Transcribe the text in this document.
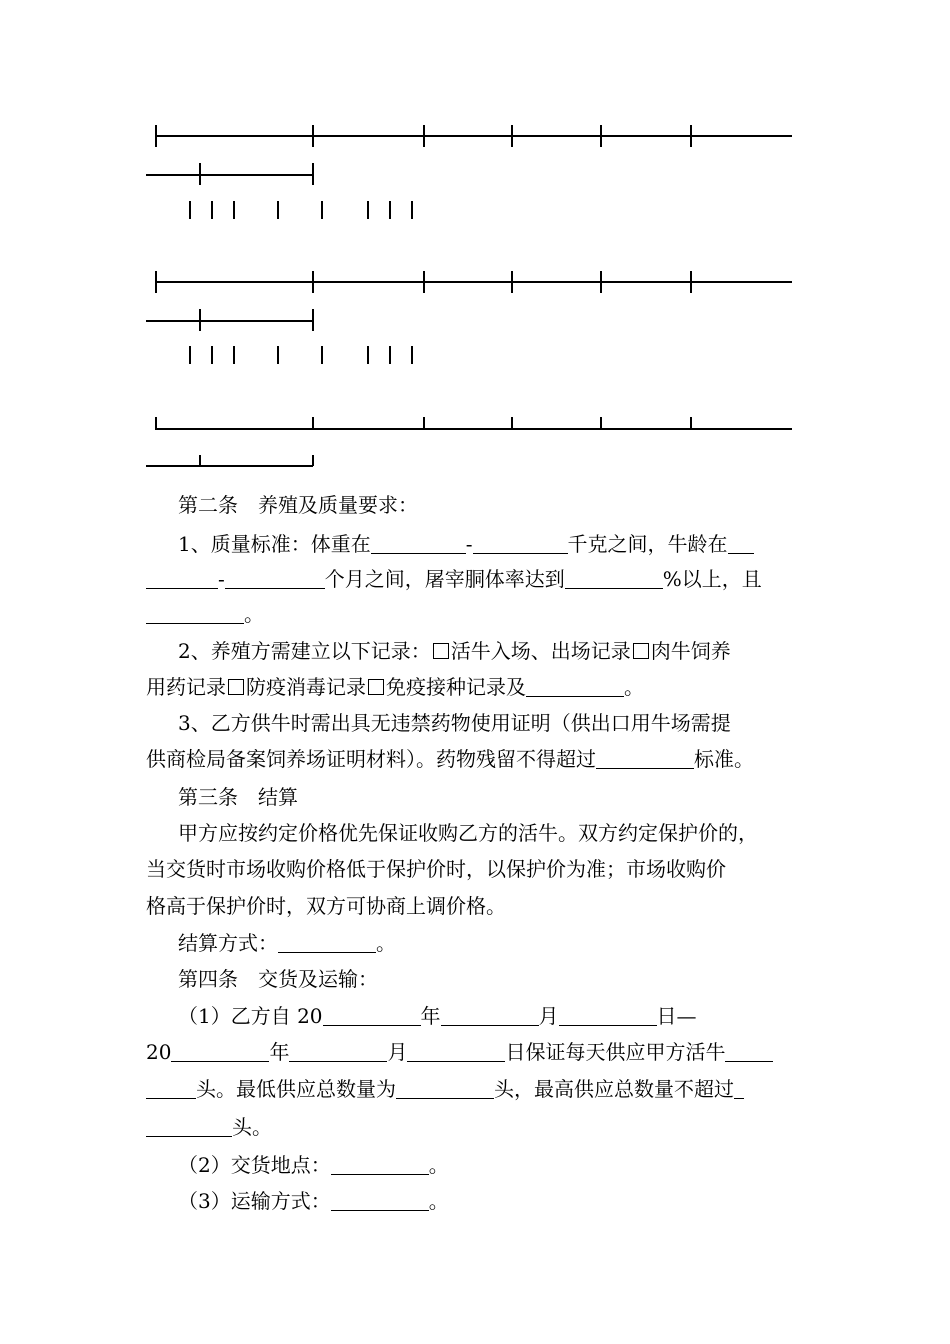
第二条　养殖及质量要求：
1、质量标准：体重在	-	千克之间，牛龄在
-	个月之间，屠宰胴体率达到	%以上，且
。
2、养殖方需建立以下记录： 活牛入场、出场记录 肉牛饲养
用药记录 防疫消毒记录 免疫接种记录及	。
3、乙方供牛时需出具无违禁药物使用证明（供出口用牛场需提
供商检局备案饲养场证明材料）。药物残留不得超过	标准。
第三条　结算
甲方应按约定价格优先保证收购乙方的活牛。双方约定保护价的，
当交货时市场收购价格低于保护价时，以保护价为准；市场收购价
格高于保护价时，双方可协商上调价格。
结算方式：	。
第四条　交货及运输：
（1）乙方自 20	年	月	日—
20	年	月	日保证每天供应甲方活牛
头。最低供应总数量为	头，最高供应总数量不超过
头。
（2）交货地点：	。
（3）运输方式：	。
